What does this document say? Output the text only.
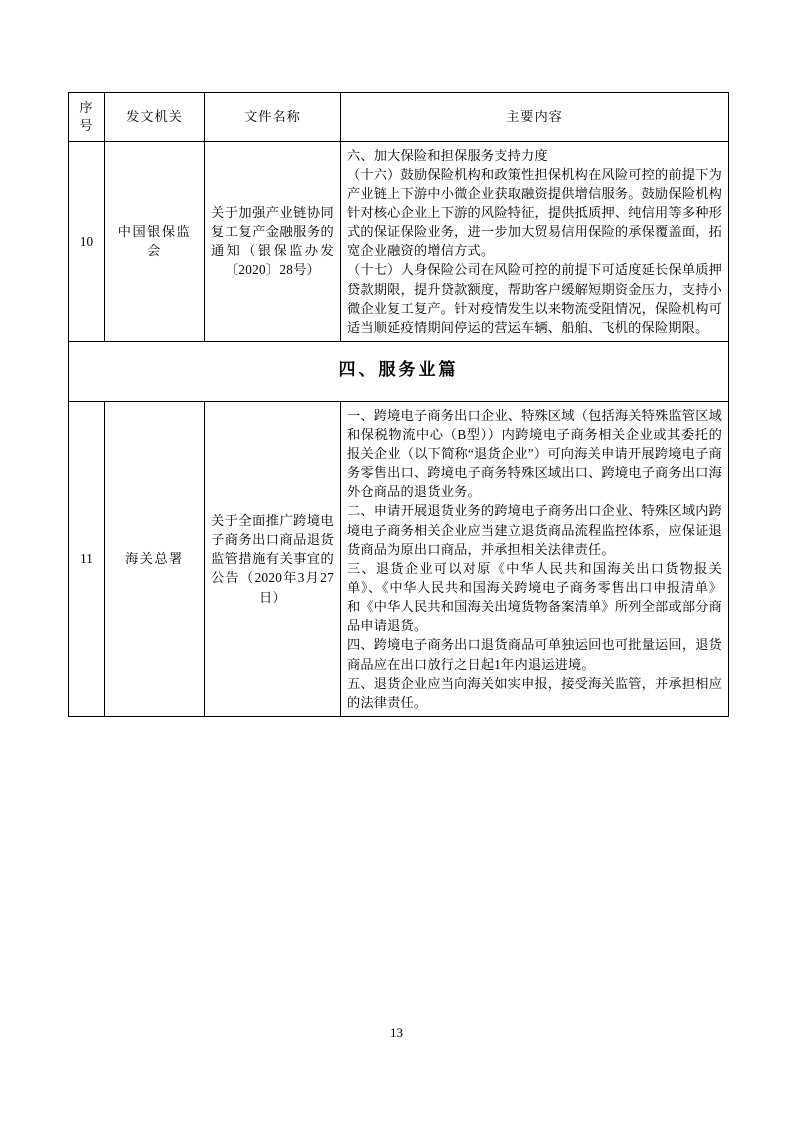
序号	发文机关	文件名称	主要内容
10	中国银保监会	关于加强产业链协同复工复产金融服务的通知（银保监办发〔2020〕28号）	六、加大保险和担保服务支持力度

（十六）鼓励保险机构和政策性担保机构在风险可控的前提下为产业链上下游中小微企业获取融资提供增信服务。鼓励保险机构针对核心企业上下游的风险特征，提供抵质押、纯信用等多种形式的保证保险业务，进一步加大贸易信用保险的承保覆盖面，拓宽企业融资的增信方式。

（十七）人身保险公司在风险可控的前提下可适度延长保单质押贷款期限，提升贷款额度，帮助客户缓解短期资金压力，支持小微企业复工复产。针对疫情发生以来物流受阻情况，保险机构可适当顺延疫情期间停运的营运车辆、船舶、飞机的保险期限。

四、服务业篇			
11	海关总署	关于全面推广跨境电子商务出口商品退货监管措施有关事宜的公告（2020年3月27日）	一、跨境电子商务出口企业、特殊区域（包括海关特殊监管区域和保税物流中心（B型））内跨境电子商务相关企业或其委托的报关企业（以下简称“退货企业”）可向海关申请开展跨境电子商务零售出口、跨境电子商务特殊区域出口、跨境电子商务出口海外仓商品的退货业务。

二、申请开展退货业务的跨境电子商务出口企业、特殊区域内跨境电子商务相关企业应当建立退货商品流程监控体系，应保证退货商品为原出口商品，并承担相关法律责任。

三、退货企业可以对原《中华人民共和国海关出口货物报关单》、《中华人民共和国海关跨境电子商务零售出口申报清单》和《中华人民共和国海关出境货物备案清单》所列全部或部分商品申请退货。

四、跨境电子商务出口退货商品可单独运回也可批量运回，退货商品应在出口放行之日起1年内退运进境。

五、退货企业应当向海关如实申报，接受海关监管，并承担相应的法律责任。

13
